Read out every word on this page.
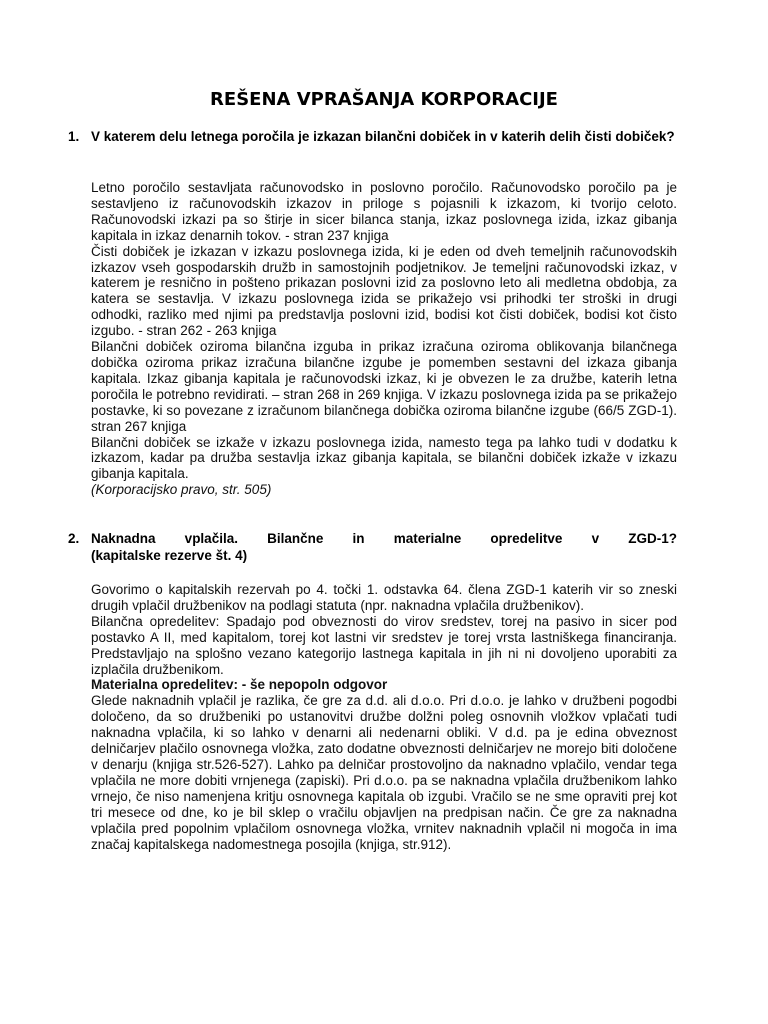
REŠENA VPRAŠANJA KORPORACIJE
1. V katerem delu letnega poročila je izkazan bilančni dobiček in v katerih delih čisti dobiček?

Letno poročilo sestavljata računovodsko in poslovno poročilo. Računovodsko poročilo pa je sestavljeno iz računovodskih izkazov in priloge s pojasnili k izkazom, ki tvorijo celoto. Računovodski izkazi pa so štirje in sicer bilanca stanja, izkaz poslovnega izida, izkaz gibanja kapitala in izkaz denarnih tokov. - stran 237 knjiga

Čisti dobiček je izkazan v izkazu poslovnega izida, ki je eden od dveh temeljnih računovodskih izkazov vseh gospodarskih družb in samostojnih podjetnikov. Je temeljni računovodski izkaz, v katerem je resnično in pošteno prikazan poslovni izid za poslovno leto ali medletna obdobja, za katera se sestavlja. V izkazu poslovnega izida se prikažejo vsi prihodki ter stroški in drugi odhodki, razliko med njimi pa predstavlja poslovni izid, bodisi kot čisti dobiček, bodisi kot čisto izgubo. - stran 262 - 263 knjiga

Bilančni dobiček oziroma bilančna izguba in prikaz izračuna oziroma oblikovanja bilančnega dobička oziroma prikaz izračuna bilančne izgube je pomemben sestavni del izkaza gibanja kapitala. Izkaz gibanja kapitala je računovodski izkaz, ki je obvezen le za družbe, katerih letna poročila le potrebno revidirati. – stran 268 in 269 knjiga. V izkazu poslovnega izida pa se prikažejo postavke, ki so povezane z izračunom bilančnega dobička oziroma bilančne izgube (66/5 ZGD-1). stran 267 knjiga

Bilančni dobiček se izkaže v izkazu poslovnega izida, namesto tega pa lahko tudi v dodatku k izkazom, kadar pa družba sestavlja izkaz gibanja kapitala, se bilančni dobiček izkaže v izkazu gibanja kapitala.

(Korporacijsko pravo, str. 505)

2. Naknadna vplačila. Bilančne in materialne opredelitve v ZGD-1?
(kapitalske rezerve št. 4)

Govorimo o kapitalskih rezervah po 4. točki 1. odstavka 64. člena ZGD-1 katerih vir so zneski drugih vplačil družbenikov na podlagi statuta (npr. naknadna vplačila družbenikov).

Bilančna opredelitev: Spadajo pod obveznosti do virov sredstev, torej na pasivo in sicer pod postavko A II, med kapitalom, torej kot lastni vir sredstev je torej vrsta lastniškega financiranja. Predstavljajo na splošno vezano kategorijo lastnega kapitala in jih ni ni dovoljeno uporabiti za izplačila družbenikom.

Materialna opredelitev: - še nepopoln odgovor

Glede naknadnih vplačil je razlika, če gre za d.d. ali d.o.o. Pri d.o.o. je lahko v družbeni pogodbi določeno, da so družbeniki po ustanovitvi družbe dolžni poleg osnovnih vložkov vplačati tudi naknadna vplačila, ki so lahko v denarni ali nedenarni obliki. V d.d. pa je edina obveznost delničarjev plačilo osnovnega vložka, zato dodatne obveznosti delničarjev ne morejo biti določene v denarju (knjiga str.526-527). Lahko pa delničar prostovoljno da naknadno vplačilo, vendar tega vplačila ne more dobiti vrnjenega (zapiski). Pri d.o.o. pa se naknadna vplačila družbenikom lahko vrnejo, če niso namenjena kritju osnovnega kapitala ob izgubi. Vračilo se ne sme opraviti prej kot tri mesece od dne, ko je bil sklep o vračilu objavljen na predpisan način. Če gre za naknadna vplačila pred popolnim vplačilom osnovnega vložka, vrnitev naknadnih vplačil ni mogoča in ima značaj kapitalskega nadomestnega posojila (knjiga, str.912).
